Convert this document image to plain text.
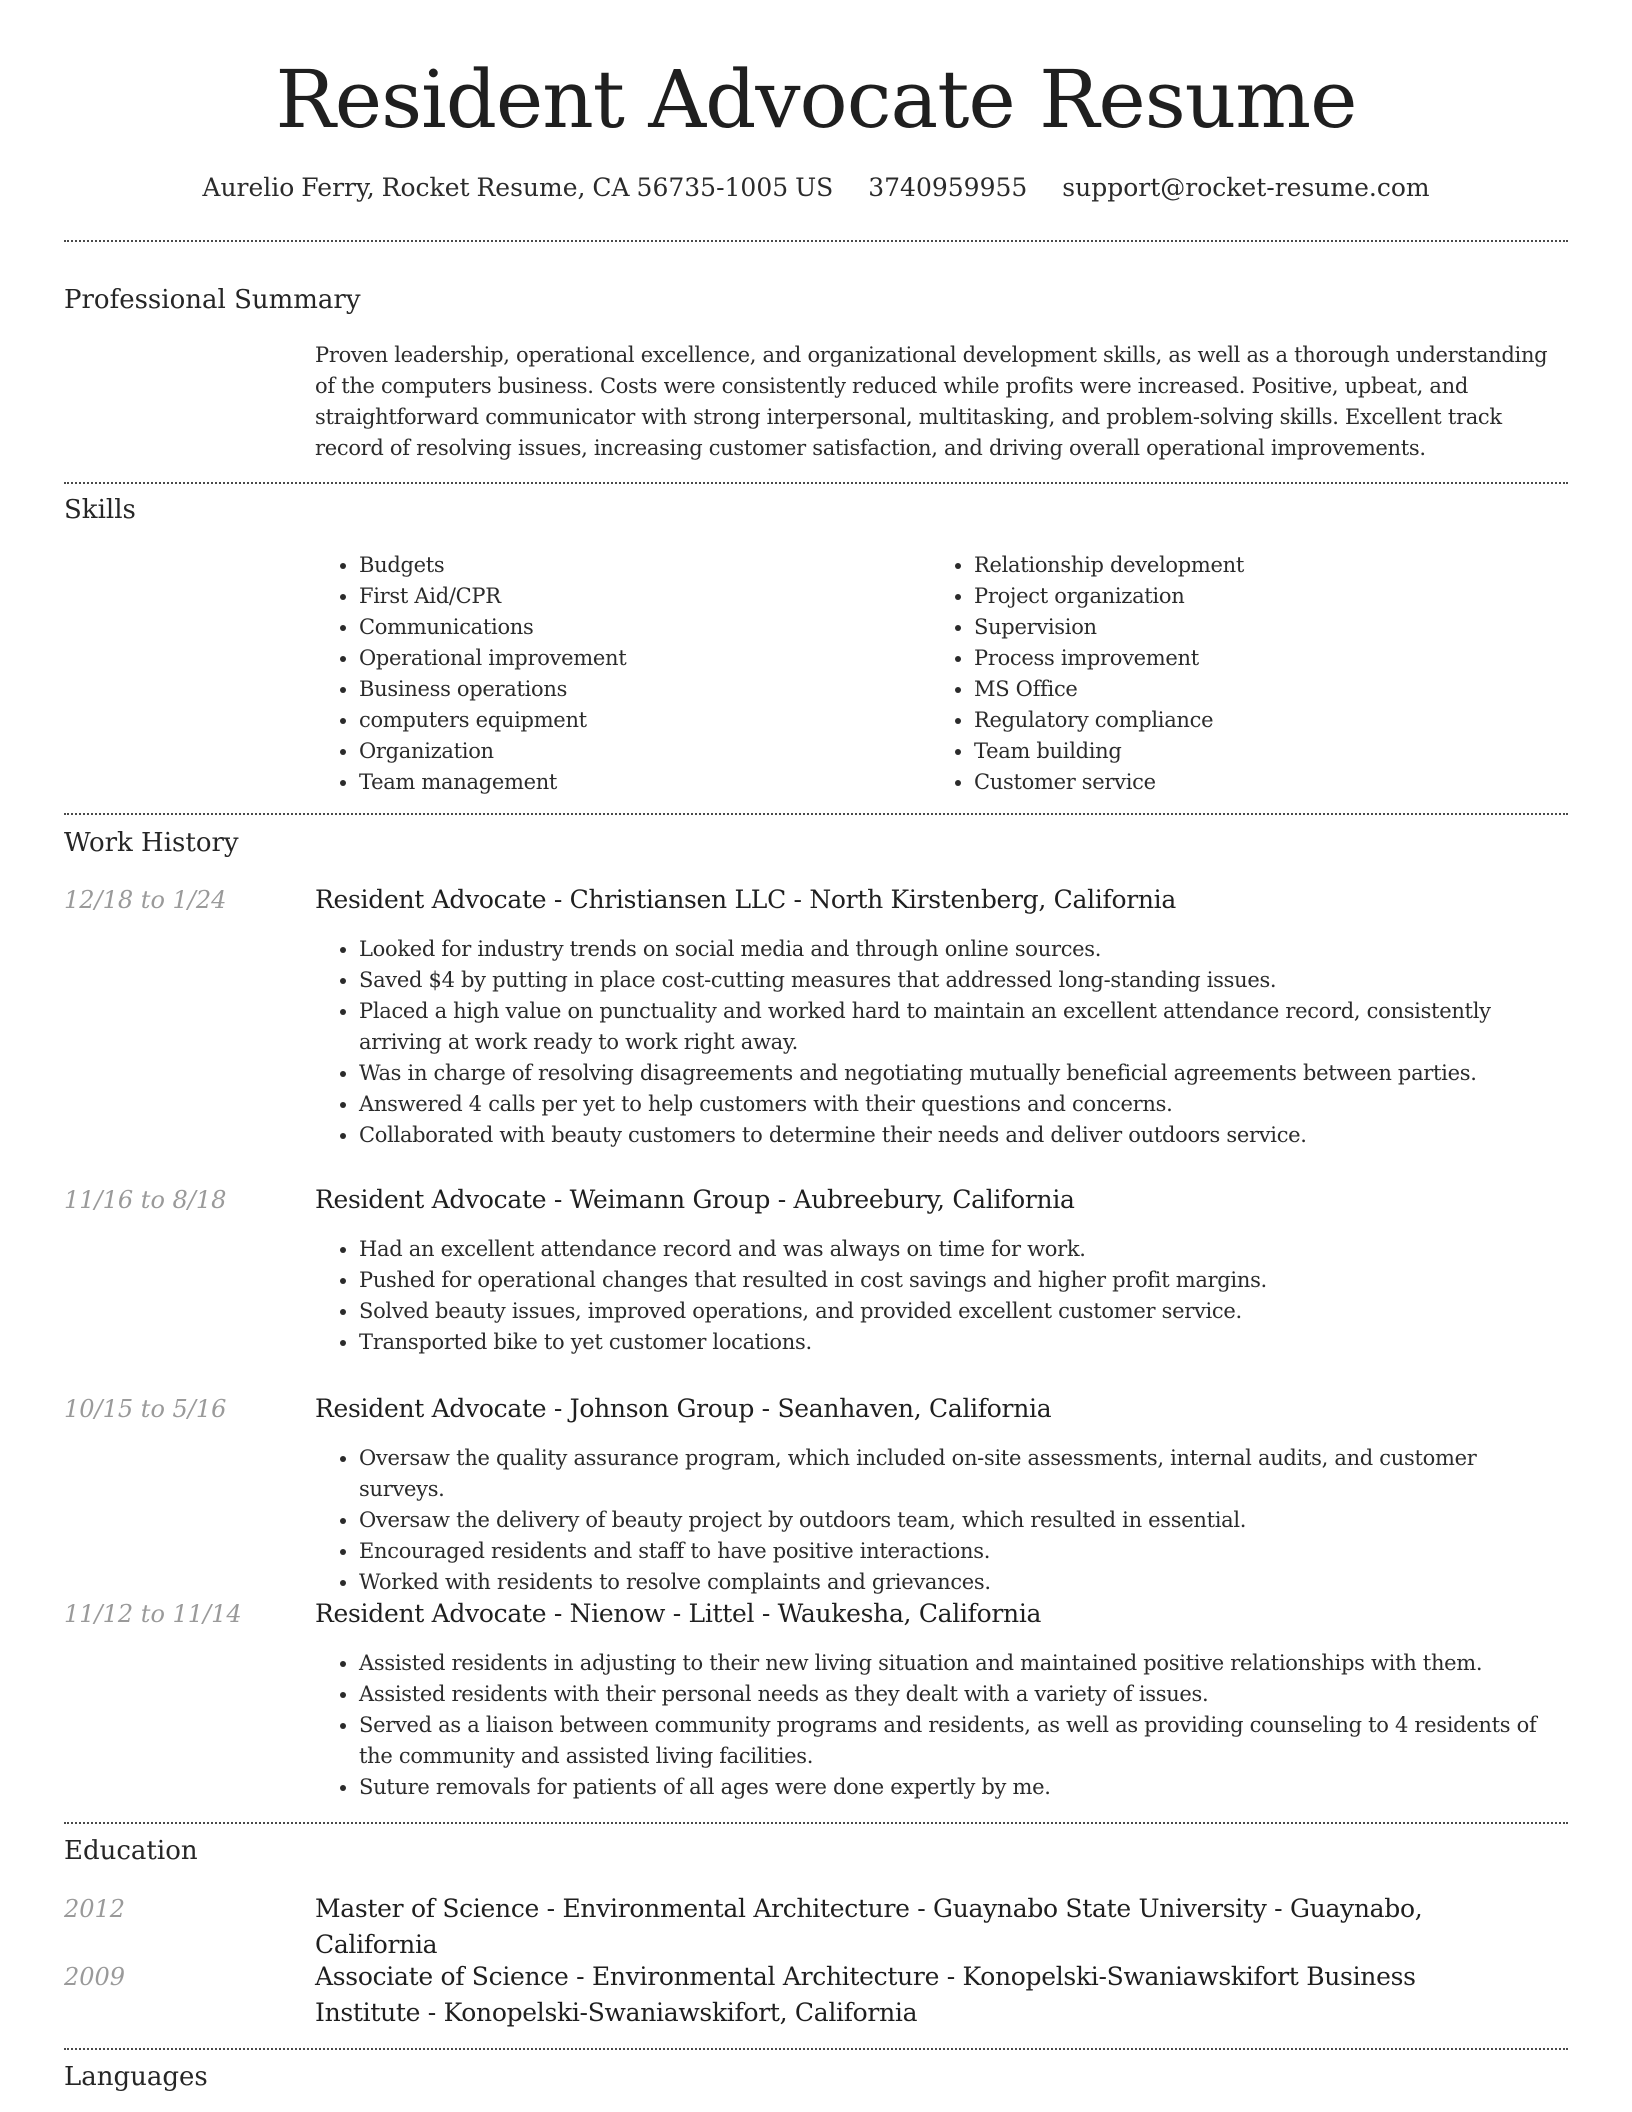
Resident Advocate Resume
Aurelio Ferry, Rocket Resume, CA 56735-1005 US 3740959955 support@rocket-resume.com
Professional Summary
Proven leadership, operational excellence, and organizational development skills, as well as a thorough understanding of the computers business. Costs were consistently reduced while profits were increased. Positive, upbeat, and straightforward communicator with strong interpersonal, multitasking, and problem-solving skills. Excellent track record of resolving issues, increasing customer satisfaction, and driving overall operational improvements.
Skills
• Budgets
• First Aid/CPR
• Communications
• Operational improvement
• Business operations
• computers equipment
• Organization
• Team management
• Relationship development
• Project organization
• Supervision
• Process improvement
• MS Office
• Regulatory compliance
• Team building
• Customer service
Work History
12/18 to 1/24	Resident Advocate - Christiansen LLC - North Kirstenberg, California
• Looked for industry trends on social media and through online sources.
• Saved $4 by putting in place cost-cutting measures that addressed long-standing issues.
• Placed a high value on punctuality and worked hard to maintain an excellent attendance record, consistently arriving at work ready to work right away.
• Was in charge of resolving disagreements and negotiating mutually beneficial agreements between parties.
• Answered 4 calls per yet to help customers with their questions and concerns.
• Collaborated with beauty customers to determine their needs and deliver outdoors service.
11/16 to 8/18	Resident Advocate - Weimann Group - Aubreebury, California
• Had an excellent attendance record and was always on time for work.
• Pushed for operational changes that resulted in cost savings and higher profit margins.
• Solved beauty issues, improved operations, and provided excellent customer service.
• Transported bike to yet customer locations.
10/15 to 5/16	Resident Advocate - Johnson Group - Seanhaven, California
• Oversaw the quality assurance program, which included on-site assessments, internal audits, and customer surveys.
• Oversaw the delivery of beauty project by outdoors team, which resulted in essential.
• Encouraged residents and staff to have positive interactions.
• Worked with residents to resolve complaints and grievances.
11/12 to 11/14	Resident Advocate - Nienow - Littel - Waukesha, California
• Assisted residents in adjusting to their new living situation and maintained positive relationships with them.
• Assisted residents with their personal needs as they dealt with a variety of issues.
• Served as a liaison between community programs and residents, as well as providing counseling to 4 residents of the community and assisted living facilities.
• Suture removals for patients of all ages were done expertly by me.
Education
2012	Master of Science - Environmental Architecture - Guaynabo State University - Guaynabo, California
2009	Associate of Science - Environmental Architecture - Konopelski-Swaniawskifort Business Institute - Konopelski-Swaniawskifort, California
Languages
